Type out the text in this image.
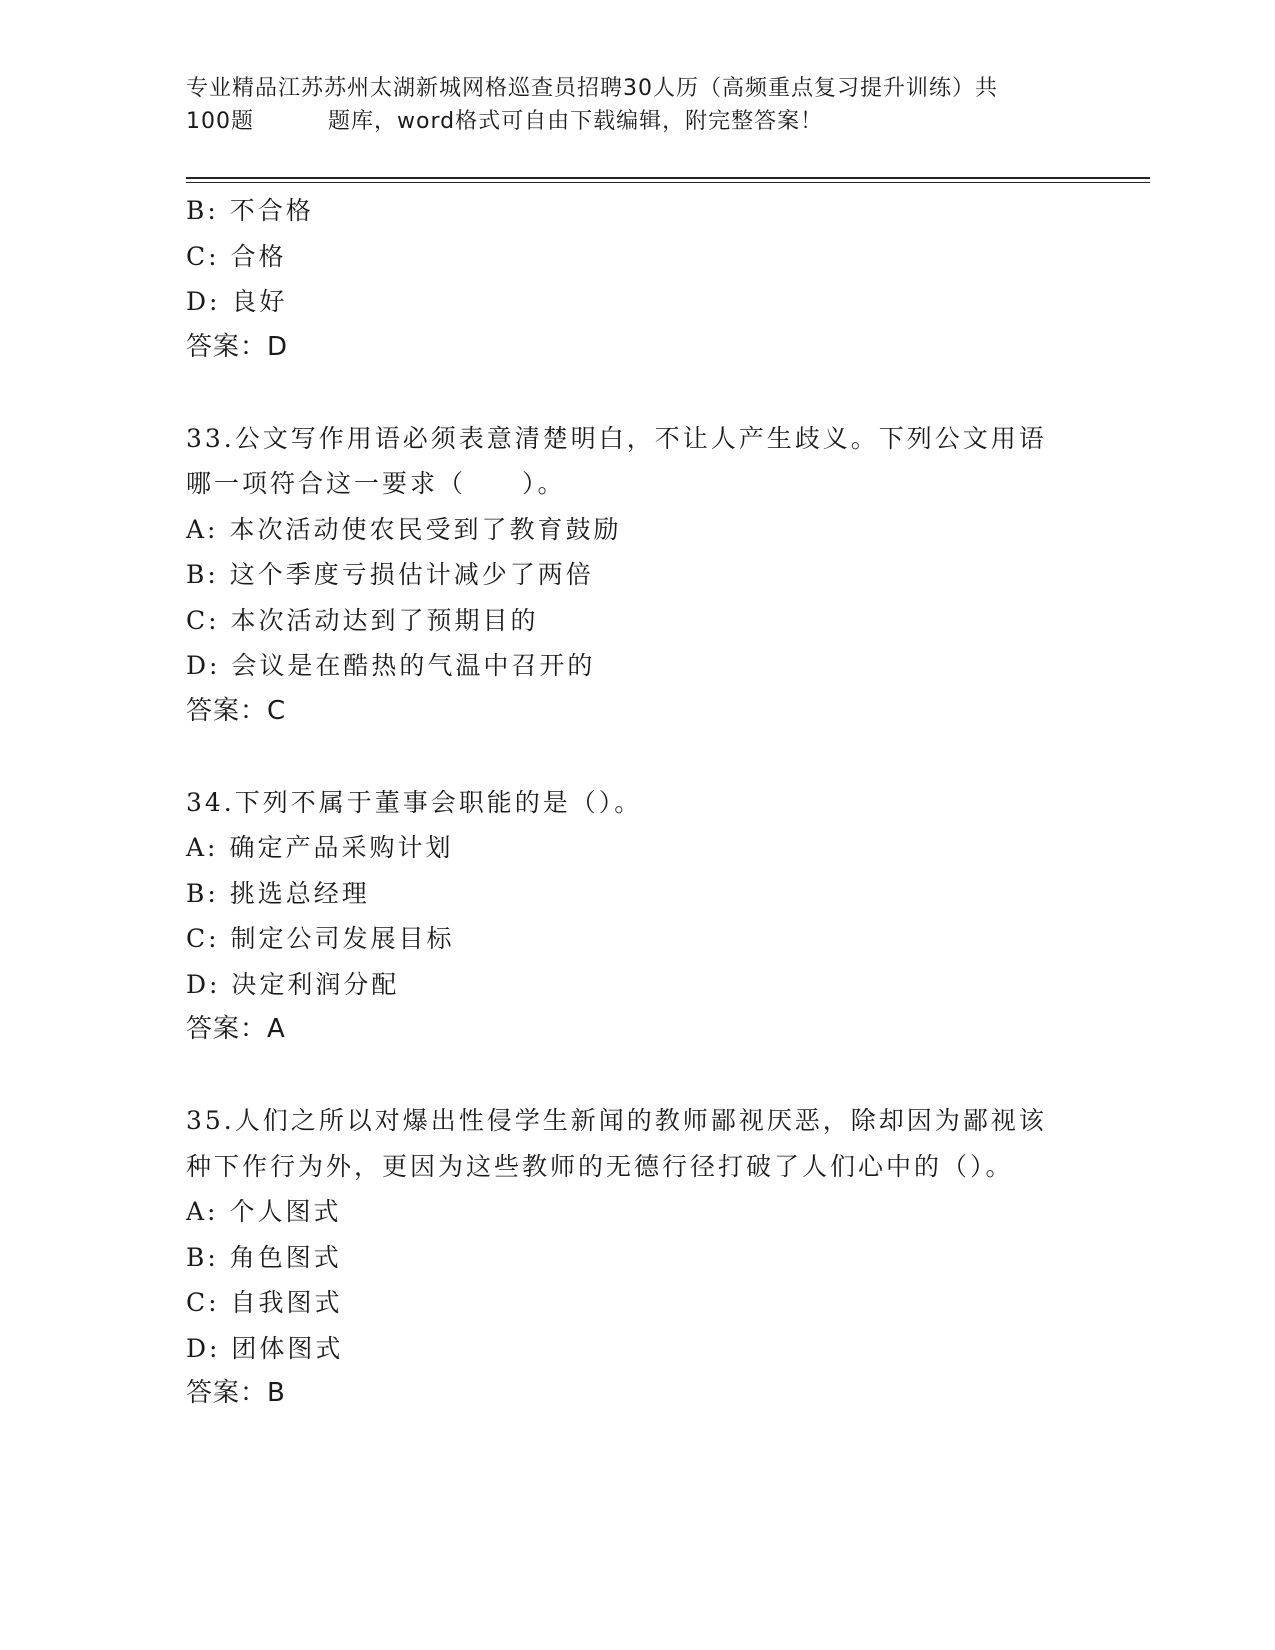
专业精品江苏苏州太湖新城网格巡查员招聘30人历（高频重点复习提升训练）共
100题	题库，word格式可自由下载编辑，附完整答案！
B: 不合格
C: 合格
D: 良好
答案：D
33.公文写作用语必须表意清楚明白，不让人产生歧义。下列公文用语
哪一项符合这一要求（　　）。
A: 本次活动使农民受到了教育鼓励
B: 这个季度亏损估计减少了两倍
C: 本次活动达到了预期目的
D: 会议是在酷热的气温中召开的
答案：C
34.下列不属于董事会职能的是（）。
A: 确定产品采购计划
B: 挑选总经理
C: 制定公司发展目标
D: 决定利润分配
答案：A
35.人们之所以对爆出性侵学生新闻的教师鄙视厌恶，除却因为鄙视该
种下作行为外，更因为这些教师的无德行径打破了人们心中的（）。
A: 个人图式
B: 角色图式
C: 自我图式
D: 团体图式
答案：B
